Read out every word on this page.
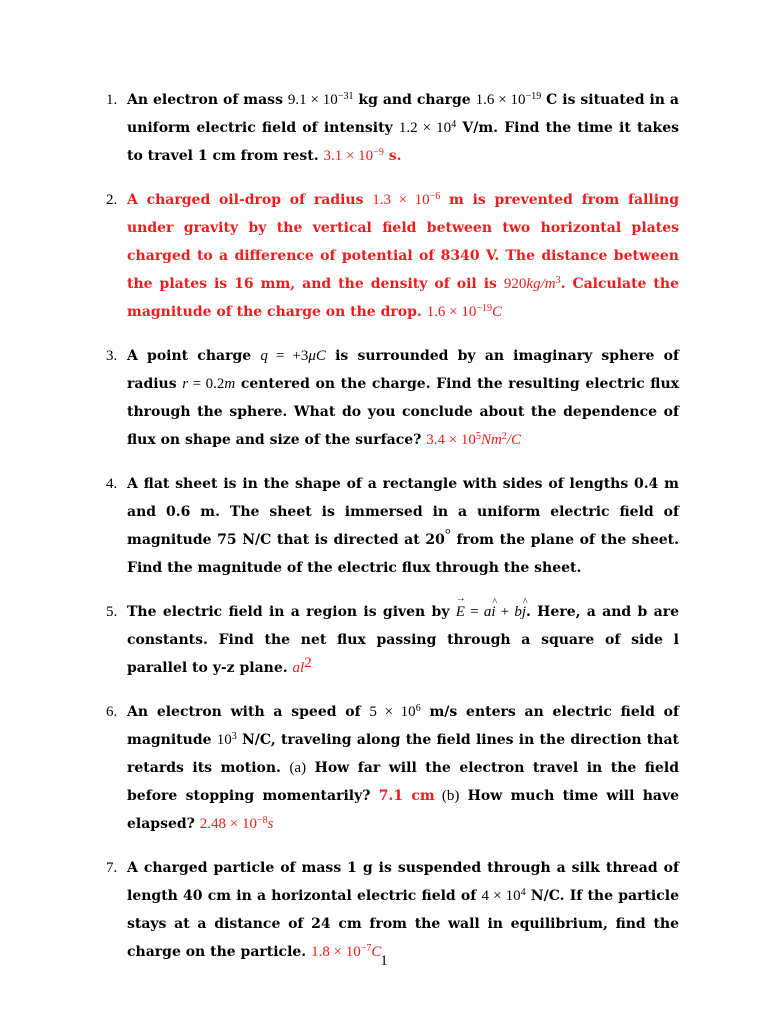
1. An electron of mass $9.1 \times 10^{-31}$ kg and charge $1.6 \times 10^{-19}$ C is situated in a uniform electric field of intensity $1.2 \times 10^4$ V/m. Find the time it takes to travel 1 cm from rest. $3.1 \times 10^{-9}$ s.
2. A charged oil-drop of radius $1.3 \times 10^{-6}$ m is prevented from falling under gravity by the vertical field between two horizontal plates charged to a difference of potential of 8340 V. The distance between the plates is 16 mm, and the density of oil is $920kg/m^3$. Calculate the magnitude of the charge on the drop. $1.6 \times 10^{-19}C$
3. A point charge q = +3μC is surrounded by an imaginary sphere of radius r = 0.2m centered on the charge. Find the resulting electric flux through the sphere. What do you conclude about the dependence of flux on shape and size of the surface? $3.4 \times 10^5Nm^2/C$
4. A flat sheet is in the shape of a rectangle with sides of lengths 0.4 m and 0.6 m. The sheet is immersed in a uniform electric field of magnitude 75 N/C that is directed at 20° from the plane of the sheet. Find the magnitude of the electric flux through the sheet.
5. The electric field in a region is given by → E = a^ i + b^ j. Here, a and b are constants. Find the net flux passing through a square of side l parallel to y-z plane. $al^2$
6. An electron with a speed of $5 \times 10^6$ m/s enters an electric field of magnitude $10^3$ N/C, traveling along the field lines in the direction that retards its motion. (a) How far will the electron travel in the field before stopping momentarily? 7.1 cm (b) How much time will have elapsed? $2.48 \times 10^{-8}s$
7. A charged particle of mass 1 g is suspended through a silk thread of length 40 cm in a horizontal electric field of $4 \times 10^4$ N/C. If the particle stays at a distance of 24 cm from the wall in equilibrium, find the charge on the particle. $1.8 \times 10^{-7}C$
1
